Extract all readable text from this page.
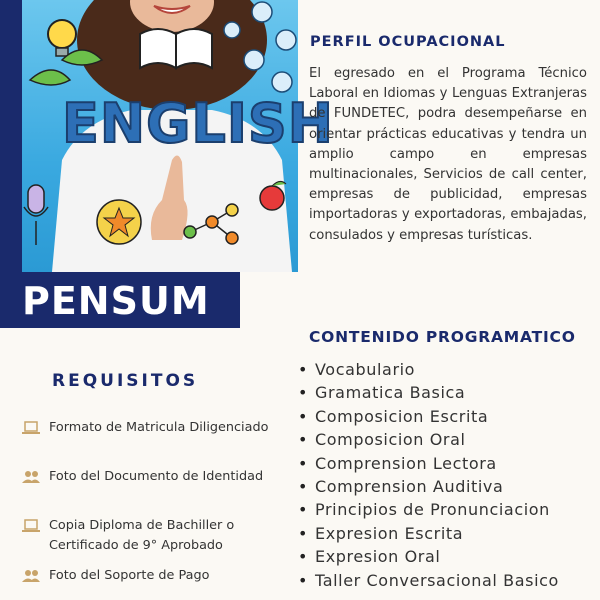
ENGLISH
PENSUM
PERFIL OCUPACIONAL
El egresado en el Programa Técnico Laboral en Idiomas y Lenguas Extranjeras de FUNDETEC, podra desempeñarse en orientar prácticas educativas y tendra un amplio campo en empresas multinacionales, Servicios de call center, empresas de publicidad, empresas importadoras y exportadoras, embajadas, consulados y empresas turísticas.
CONTENIDO PROGRAMATICO
• Vocabulario
• Gramatica Basica
• Composicion Escrita
• Composicion Oral
• Comprension Lectora
• Comprension Auditiva
• Principios de Pronunciacion
• Expresion Escrita
• Expresion Oral
• Taller Conversacional Basico
REQUISITOS
Formato de Matricula Diligenciado
Foto del Documento de Identidad
Copia Diploma de Bachiller o Certificado de 9° Aprobado
Foto del Soporte de Pago
